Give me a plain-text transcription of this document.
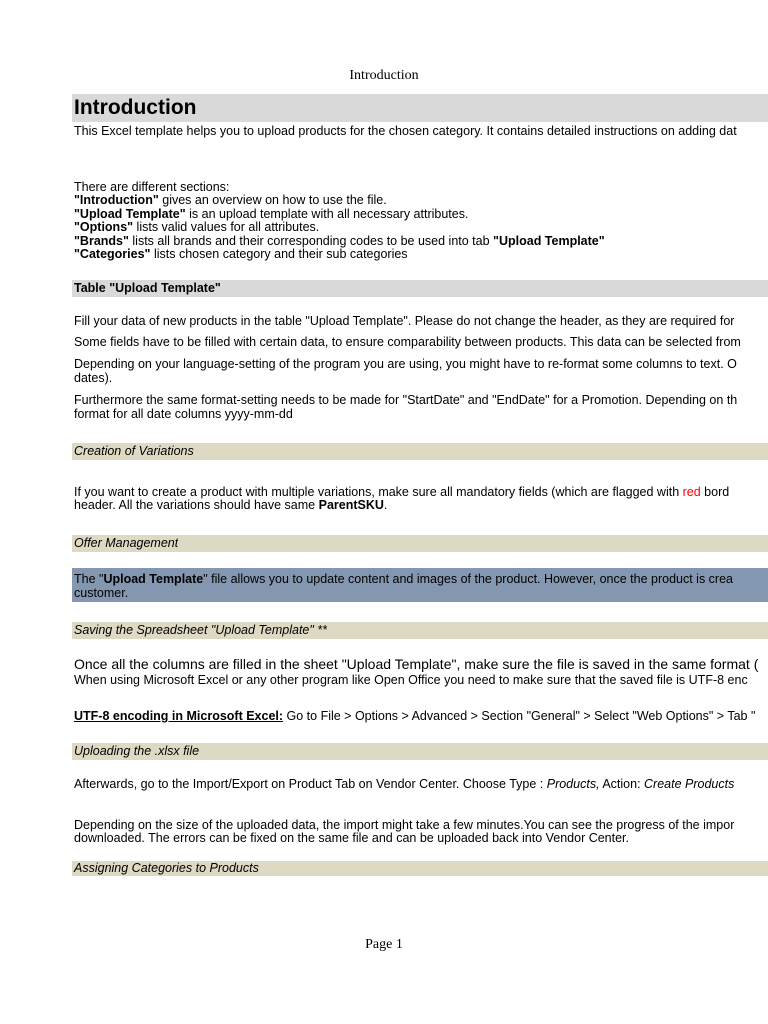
Introduction
Introduction
This Excel template helps you to upload products for the chosen category. It contains detailed instructions on adding dat
There are different sections:
"Introduction" gives an overview on how to use the file.
"Upload Template" is an upload template with all necessary attributes.
"Options" lists valid values for all attributes.
"Brands" lists all brands and their corresponding codes to be used into tab "Upload Template"
"Categories" lists chosen category and their sub categories
Table "Upload Template"
Fill your data of new products in the table "Upload Template". Please do not change the header, as they are required for
Some fields have to be filled with certain data, to ensure comparability between products. This data can be selected from
Depending on your language-setting of the program you are using, you might have to re-format some columns to text. O
dates).
Furthermore the same format-setting needs to be made for "StartDate" and "EndDate" for a Promotion. Depending on th
format for all date columns yyyy-mm-dd
Creation of Variations
If you want to create a product with multiple variations, make sure all mandatory fields (which are flagged with red bord
header. All the variations should have same ParentSKU.
Offer Management
The "Upload Template" file allows you to update content and images of the product. However, once the product is crea
customer.
Saving the Spreadsheet "Upload Template" **
Once all the columns are filled in the sheet "Upload Template", make sure the file is saved in the same format (
When using Microsoft Excel or any other program like Open Office you need to make sure that the saved file is UTF-8 enc
UTF-8 encoding in Microsoft Excel: Go to File > Options > Advanced > Section "General" > Select "Web Options" > Tab "
Uploading the .xlsx file
Afterwards, go to the Import/Export on Product Tab on Vendor Center. Choose Type : Products, Action: Create Products
Depending on the size of the uploaded data, the import might take a few minutes.You can see the progress of the impor
downloaded. The errors can be fixed on the same file and can be uploaded back into Vendor Center.
Assigning Categories to Products
Page 1
